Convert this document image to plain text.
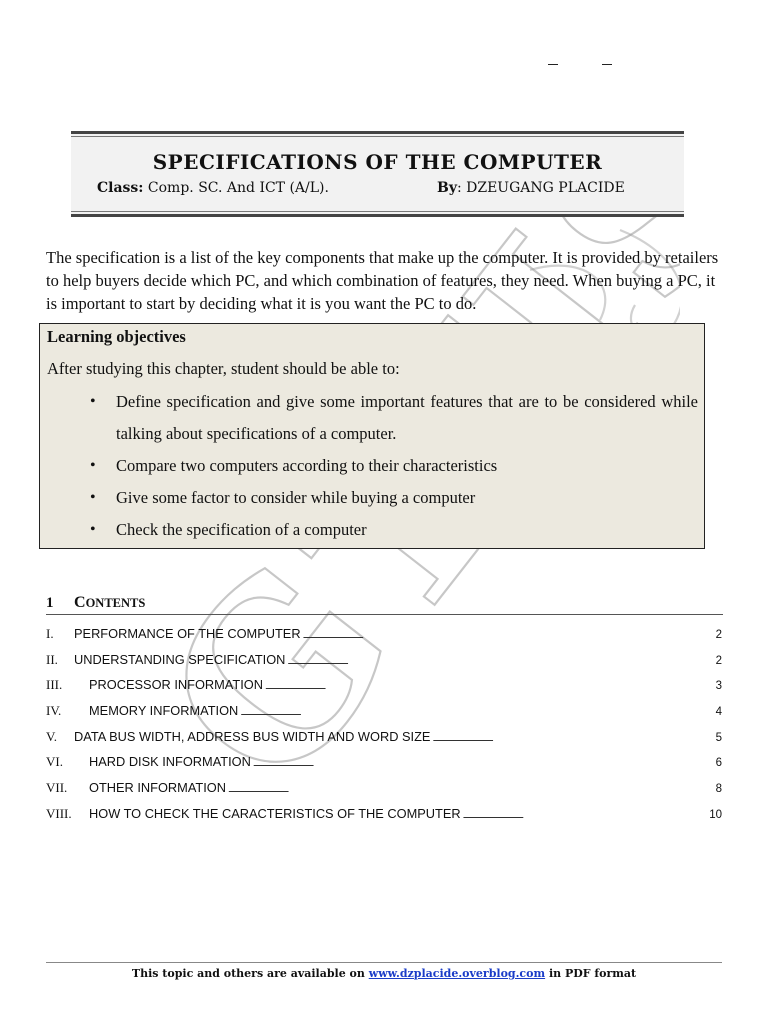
SPECIFICATIONS OF THE COMPUTER
Class: Comp. SC. And ICT (A/L).	By: DZEUGANG PLACIDE

The specification is a list of the key components that make up the computer. It is provided by retailers to help buyers decide which PC, and which combination of features, they need. When buying a PC, it is important to start by deciding what it is you want the PC to do.

Learning objectives
After studying this chapter, student should be able to:
• Define specification and give some important features that are to be considered while talking about specifications of a computer.
• Compare two computers according to their characteristics
• Give some factor to consider while buying a computer
• Check the specification of a computer
1 CONTENTS
I.	PERFORMANCE OF THE COMPUTER . . .	2
II.	UNDERSTANDING SPECIFICATION . . .	2
III.	PROCESSOR INFORMATION . . .	3
IV.	MEMORY INFORMATION . . .	4
V.	DATA BUS WIDTH, ADDRESS BUS WIDTH AND WORD SIZE . . .	5
VI.	HARD DISK INFORMATION . . .	6
VII.	OTHER INFORMATION . . .	8
VIII.	HOW TO CHECK THE CARACTERISTICS OF THE COMPUTER . . .	10
This topic and others are available on www.dzplacide.overblog.com in PDF format
